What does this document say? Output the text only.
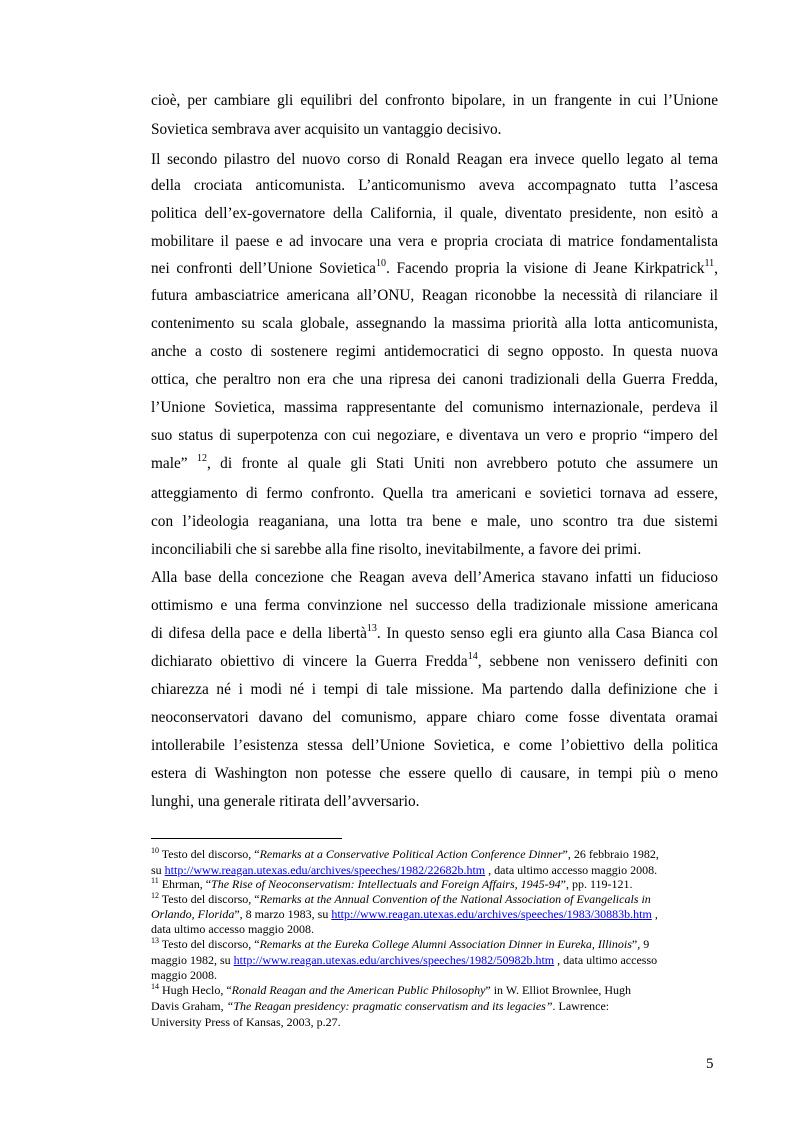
cioè, per cambiare gli equilibri del confronto bipolare, in un frangente in cui l’Unione
Sovietica sembrava aver acquisito un vantaggio decisivo.
Il secondo pilastro del nuovo corso di Ronald Reagan era invece quello legato al tema
della crociata anticomunista. L’anticomunismo aveva accompagnato tutta l’ascesa
politica dell’ex-governatore della California, il quale, diventato presidente, non esitò a
mobilitare il paese e ad invocare una vera e propria crociata di matrice fondamentalista
nei confronti dell’Unione Sovietica$^{10}$. Facendo propria la visione di Jeane Kirkpatrick$^{11}$,
futura ambasciatrice americana all’ONU, Reagan riconobbe la necessità di rilanciare il
contenimento su scala globale, assegnando la massima priorità alla lotta anticomunista,
anche a costo di sostenere regimi antidemocratici di segno opposto. In questa nuova
ottica, che peraltro non era che una ripresa dei canoni tradizionali della Guerra Fredda,
l’Unione Sovietica, massima rappresentante del comunismo internazionale, perdeva il
suo status di superpotenza con cui negoziare, e diventava un vero e proprio “impero del
male” $^{12}$, di fronte al quale gli Stati Uniti non avrebbero potuto che assumere un
atteggiamento di fermo confronto. Quella tra americani e sovietici tornava ad essere,
con l’ideologia reaganiana, una lotta tra bene e male, uno scontro tra due sistemi
inconciliabili che si sarebbe alla fine risolto, inevitabilmente, a favore dei primi.
Alla base della concezione che Reagan aveva dell’America stavano infatti un fiducioso
ottimismo e una ferma convinzione nel successo della tradizionale missione americana
di difesa della pace e della libertà$^{13}$. In questo senso egli era giunto alla Casa Bianca col
dichiarato obiettivo di vincere la Guerra Fredda$^{14}$, sebbene non venissero definiti con
chiarezza né i modi né i tempi di tale missione. Ma partendo dalla definizione che i
neoconservatori davano del comunismo, appare chiaro come fosse diventata oramai
intollerabile l’esistenza stessa dell’Unione Sovietica, e come l’obiettivo della politica
estera di Washington non potesse che essere quello di causare, in tempi più o meno
lunghi, una generale ritirata dell’avversario.
$^{10}$ Testo del discorso, “Remarks at a Conservative Political Action Conference Dinner”, 26 febbraio 1982,
su http://www.reagan.utexas.edu/archives/speeches/1982/22682b.htm , data ultimo accesso maggio 2008.
$^{11}$ Ehrman, “The Rise of Neoconservatism: Intellectuals and Foreign Affairs, 1945-94”, pp. 119-121.
$^{12}$ Testo del discorso, “Remarks at the Annual Convention of the National Association of Evangelicals in
Orlando, Florida”, 8 marzo 1983, su http://www.reagan.utexas.edu/archives/speeches/1983/30883b.htm ,
data ultimo accesso maggio 2008.
$^{13}$ Testo del discorso, “Remarks at the Eureka College Alumni Association Dinner in Eureka, Illinois”, 9
maggio 1982, su http://www.reagan.utexas.edu/archives/speeches/1982/50982b.htm , data ultimo accesso
maggio 2008.
$^{14}$ Hugh Heclo, “Ronald Reagan and the American Public Philosophy” in W. Elliot Brownlee, Hugh
Davis Graham, “The Reagan presidency: pragmatic conservatism and its legacies”. Lawrence:
University Press of Kansas, 2003, p.27.
5
